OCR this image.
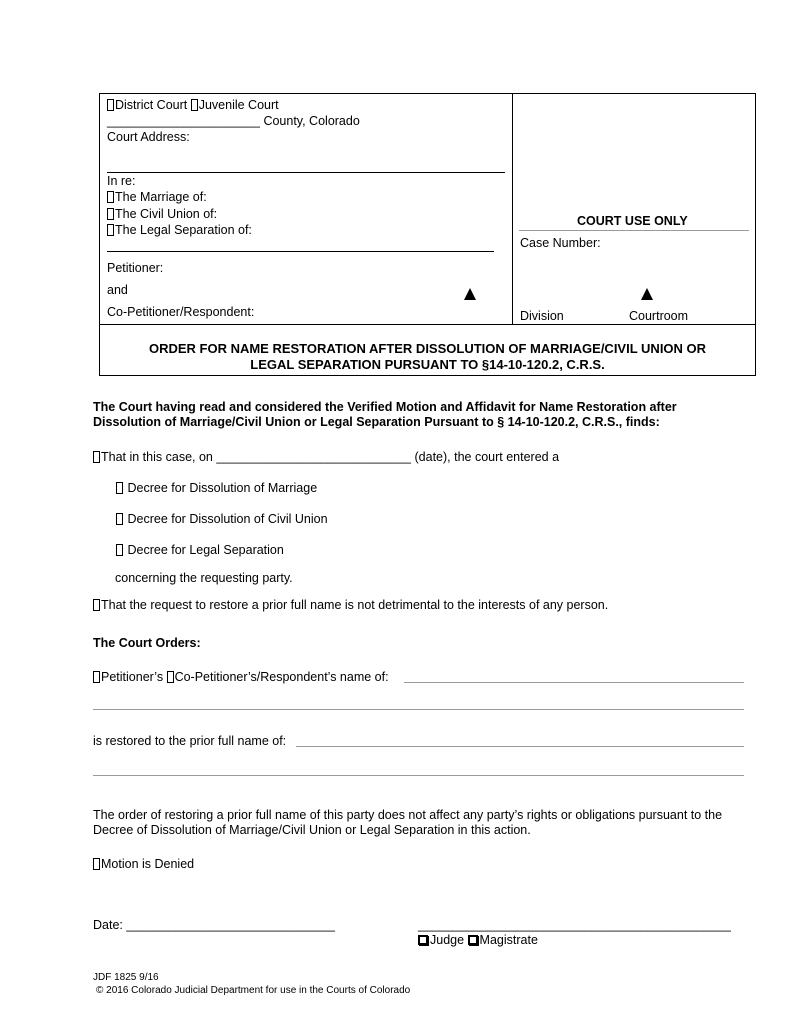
District Court Juvenile Court
______________________ County, Colorado
Court Address:
In re:
The Marriage of:
The Civil Union of:
The Legal Separation of:
Petitioner:
and
Co-Petitioner/Respondent:
COURT USE ONLY
Case Number:
Division	Courtroom
ORDER FOR NAME RESTORATION AFTER DISSOLUTION OF MARRIAGE/CIVIL UNION OR
LEGAL SEPARATION PURSUANT TO §14-10-120.2, C.R.S.
The Court having read and considered the Verified Motion and Affidavit for Name Restoration after
Dissolution of Marriage/Civil Union or Legal Separation Pursuant to § 14-10-120.2, C.R.S., finds:
That in this case, on ____________________________ (date), the court entered a
Decree for Dissolution of Marriage
Decree for Dissolution of Civil Union
Decree for Legal Separation
concerning the requesting party.
That the request to restore a prior full name is not detrimental to the interests of any person.
The Court Orders:
Petitioner’s Co-Petitioner’s/Respondent’s name of:
is restored to the prior full name of:
The order of restoring a prior full name of this party does not affect any party’s rights or obligations pursuant to the
Decree of Dissolution of Marriage/Civil Union or Legal Separation in this action.
Motion is Denied
Date: ______________________________	_____________________________________________
Judge Magistrate
JDF 1825 9/16
© 2016 Colorado Judicial Department for use in the Courts of Colorado
